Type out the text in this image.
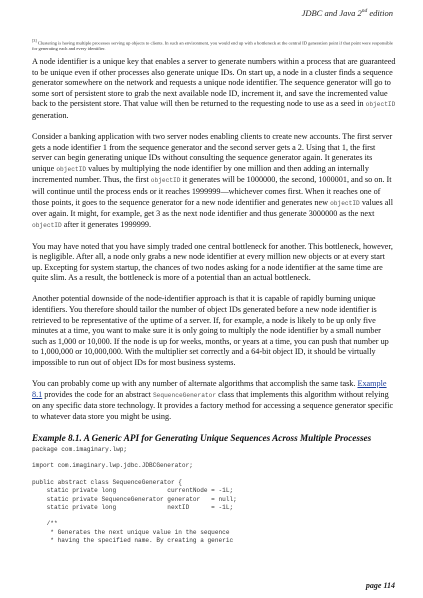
JDBC and Java 2nd edition
[3] Clustering is having multiple processes serving up objects to clients. In such an environment, you would end up with a bottleneck at the central ID generation point if that point were responsible for generating each and every identifier.

A node identifier is a unique key that enables a server to generate numbers within a process that are guaranteed to be unique even if other processes also generate unique IDs. On start up, a node in a cluster finds a sequence generator somewhere on the network and requests a unique node identifier. The sequence generator will go to some sort of persistent store to grab the next available node ID, increment it, and save the incremented value back to the persistent store. That value will then be returned to the requesting node to use as a seed in objectID generation.

Consider a banking application with two server nodes enabling clients to create new accounts. The first server gets a node identifier 1 from the sequence generator and the second server gets a 2. Using that 1, the first server can begin generating unique IDs without consulting the sequence generator again. It generates its unique objectID values by multiplying the node identifier by one million and then adding an internally incremented number. Thus, the first objectID it generates will be 1000000, the second, 1000001, and so on. It will continue until the process ends or it reaches 1999999—whichever comes first. When it reaches one of those points, it goes to the sequence generator for a new node identifier and generates new objectID values all over again. It might, for example, get 3 as the next node identifier and thus generate 3000000 as the next objectID after it generates 1999999.

You may have noted that you have simply traded one central bottleneck for another. This bottleneck, however, is negligible. After all, a node only grabs a new node identifier at every million new objects or at every start up. Excepting for system startup, the chances of two nodes asking for a node identifier at the same time are quite slim. As a result, the bottleneck is more of a potential than an actual bottleneck.

Another potential downside of the node-identifier approach is that it is capable of rapidly burning unique identifiers. You therefore should tailor the number of object IDs generated before a new node identifier is retrieved to be representative of the uptime of a server. If, for example, a node is likely to be up only five minutes at a time, you want to make sure it is only going to multiply the node identifier by a small number such as 1,000 or 10,000. If the node is up for weeks, months, or years at a time, you can push that number up to 1,000,000 or 10,000,000. With the multiplier set correctly and a 64-bit object ID, it should be virtually impossible to run out of object IDs for most business systems.

You can probably come up with any number of alternate algorithms that accomplish the same task. Example 8.1 provides the code for an abstract SequenceGenerator class that implements this algorithm without relying on any specific data store technology. It provides a factory method for accessing a sequence generator specific to whatever data store you might be using.

Example 8.1. A Generic API for Generating Unique Sequences Across Multiple Processes
package com.imaginary.lwp;

import com.imaginary.lwp.jdbc.JDBCGenerator;

public abstract class SequenceGenerator {
static private long              currentNode = -1L;
static private SequenceGenerator generator   = null;
static private long              nextID      = -1L;

/**
* Generates the next unique value in the sequence
* having the specified name. By creating a generic
page 114
